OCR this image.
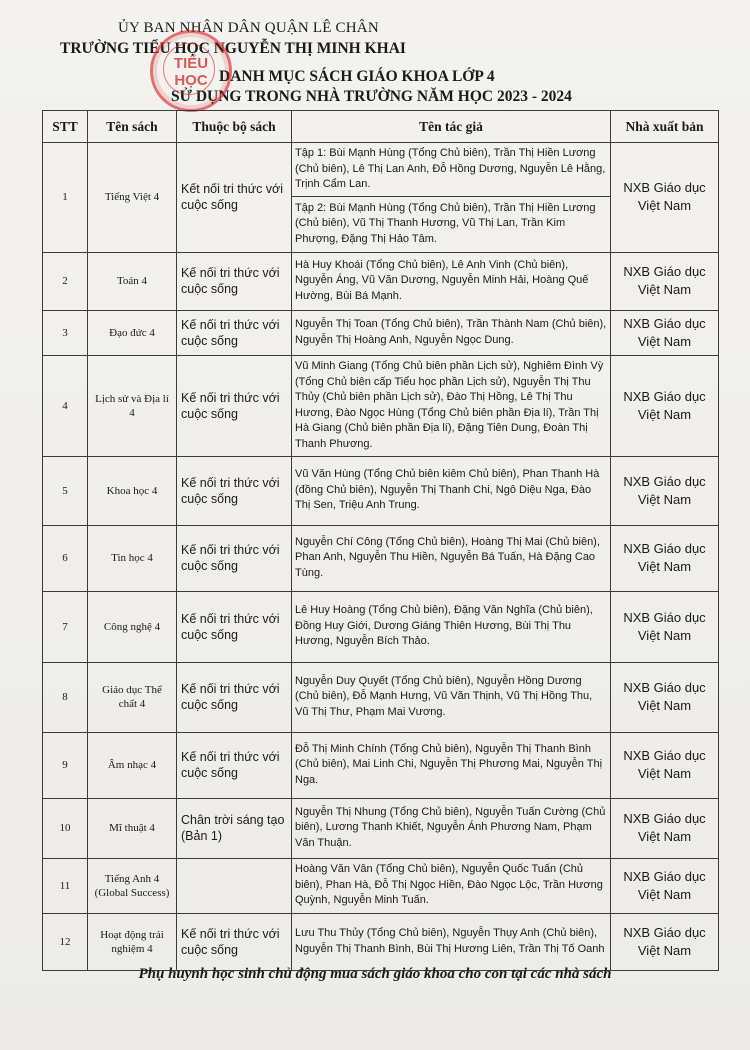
ỦY BAN NHÂN DÂN QUẬN LÊ CHÂN
TRƯỜNG TIỂU HỌC NGUYỄN THỊ MINH KHAI
DANH MỤC SÁCH GIÁO KHOA LỚP 4
SỬ DỤNG TRONG NHÀ TRƯỜNG NĂM HỌC 2023 - 2024
TIỂU HỌC
STT	Tên sách	Thuộc bộ sách	Tên tác giả	Nhà xuất bản
1	Tiếng Việt 4	Kết nối tri thức với cuộc sống	Tập 1: Bùi Mạnh Hùng (Tổng Chủ biên), Trần Thị Hiền Lương (Chủ biên), Lê Thị Lan Anh, Đỗ Hồng Dương, Nguyễn Lê Hằng, Trịnh Cẩm Lan.	NXB Giáo dục Việt Nam
			Tập 2: Bùi Mạnh Hùng (Tổng Chủ biên), Trần Thị Hiền Lương (Chủ biên), Vũ Thị Thanh Hương, Vũ Thị Lan, Trần Kim Phượng, Đặng Thị Hảo Tâm.	
2	Toán 4	Kế nối tri thức với cuộc sống	Hà Huy Khoái (Tổng Chủ biên), Lê Anh Vinh (Chủ biên), Nguyễn Áng, Vũ Văn Dương, Nguyễn Minh Hải, Hoàng Quế Hường, Bùi Bá Mạnh.	NXB Giáo dục Việt Nam
3	Đạo đức 4	Kế nối tri thức với cuộc sống	Nguyễn Thị Toan (Tổng Chủ biên), Trần Thành Nam (Chủ biên), Nguyễn Thị Hoàng Anh, Nguyễn Ngọc Dung.	NXB Giáo dục Việt Nam
4	Lịch sử và Địa lí 4	Kế nối tri thức với cuộc sống	Vũ Minh Giang (Tổng Chủ biên phần Lịch sử), Nghiêm Đình Vỳ (Tổng Chủ biên cấp Tiểu học phần Lịch sử), Nguyễn Thị Thu Thủy (Chủ biên phần Lịch sử), Đào Thị Hồng, Lê Thị Thu Hương, Đào Ngọc Hùng (Tổng Chủ biên phần Địa lí), Trần Thị Hà Giang (Chủ biên phần Địa lí), Đặng Tiên Dung, Đoàn Thị Thanh Phương.	NXB Giáo dục Việt Nam
5	Khoa học 4	Kế nối tri thức với cuộc sống	Vũ Văn Hùng (Tổng Chủ biên kiêm Chủ biên), Phan Thanh Hà (đồng Chủ biên), Nguyễn Thị Thanh Chi, Ngô Diệu Nga, Đào Thị Sen, Triệu Anh Trung.	NXB Giáo dục Việt Nam
6	Tin học 4	Kế nối tri thức với cuộc sống	Nguyễn Chí Công (Tổng Chủ biên), Hoàng Thị Mai (Chủ biên), Phan Anh, Nguyễn Thu Hiền, Nguyễn Bá Tuấn, Hà Đặng Cao Tùng.	NXB Giáo dục Việt Nam
7	Công nghệ 4	Kế nối tri thức với cuộc sống	Lê Huy Hoàng (Tổng Chủ biên), Đặng Văn Nghĩa (Chủ biên), Đồng Huy Giới, Dương Giáng Thiên Hương, Bùi Thị Thu Hương, Nguyễn Bích Thảo.	NXB Giáo dục Việt Nam
8	Giáo dục Thể chất 4	Kế nối tri thức với cuộc sống	Nguyễn Duy Quyết (Tổng Chủ biên), Nguyễn Hồng Dương (Chủ biên), Đỗ Mạnh Hưng, Vũ Văn Thịnh, Vũ Thị Hồng Thu, Vũ Thị Thư, Phạm Mai Vương.	NXB Giáo dục Việt Nam
9	Âm nhạc 4	Kế nối tri thức với cuộc sống	Đỗ Thị Minh Chính (Tổng Chủ biên), Nguyễn Thị Thanh Bình (Chủ biên), Mai Linh Chi, Nguyễn Thị Phương Mai, Nguyễn Thị Nga.	NXB Giáo dục Việt Nam
10	Mĩ thuật 4	Chân trời sáng tạo (Bản 1)	Nguyễn Thị Nhung (Tổng Chủ biên), Nguyễn Tuấn Cường (Chủ biên), Lương Thanh Khiết, Nguyễn Ánh Phương Nam, Phạm Văn Thuận.	NXB Giáo dục Việt Nam
11	Tiếng Anh 4 (Global Success)		Hoàng Văn Vân (Tổng Chủ biên), Nguyễn Quốc Tuấn (Chủ biên), Phan Hà, Đỗ Thị Ngọc Hiền, Đào Ngọc Lộc, Trần Hương Quỳnh, Nguyễn Minh Tuấn.	NXB Giáo dục Việt Nam
12	Hoạt động trải nghiệm 4	Kế nối tri thức với cuộc sống	Lưu Thu Thủy (Tổng Chủ biên), Nguyễn Thụy Anh (Chủ biên), Nguyễn Thị Thanh Bình, Bùi Thị Hương Liên, Trần Thị Tố Oanh	NXB Giáo dục Việt Nam
Phụ huynh học sinh chủ động mua sách giáo khoa cho con tại các nhà sách
